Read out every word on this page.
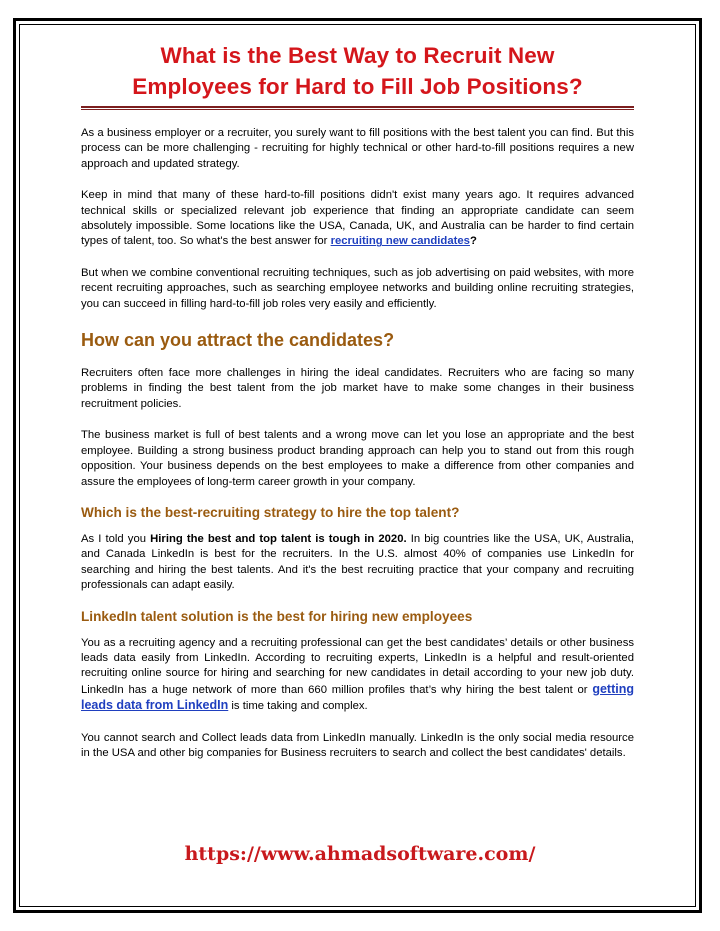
What is the Best Way to Recruit New
Employees for Hard to Fill Job Positions?

As a business employer or a recruiter, you surely want to fill positions with the best talent you can find. But this process can be more challenging - recruiting for highly technical or other hard-to-fill positions requires a new approach and updated strategy.

Keep in mind that many of these hard-to-fill positions didn't exist many years ago. It requires advanced technical skills or specialized relevant job experience that finding an appropriate candidate can seem absolutely impossible. Some locations like the USA, Canada, UK, and Australia can be harder to find certain types of talent, too. So what's the best answer for recruiting new candidates?

But when we combine conventional recruiting techniques, such as job advertising on paid websites, with more recent recruiting approaches, such as searching employee networks and building online recruiting strategies, you can succeed in filling hard-to-fill job roles very easily and efficiently.

How can you attract the candidates?

Recruiters often face more challenges in hiring the ideal candidates. Recruiters who are facing so many problems in finding the best talent from the job market have to make some changes in their business recruitment policies.

The business market is full of best talents and a wrong move can let you lose an appropriate and the best employee. Building a strong business product branding approach can help you to stand out from this rough opposition. Your business depends on the best employees to make a difference from other companies and assure the employees of long-term career growth in your company.

Which is the best-recruiting strategy to hire the top talent?

As I told you Hiring the best and top talent is tough in 2020. In big countries like the USA, UK, Australia, and Canada LinkedIn is best for the recruiters. In the U.S. almost 40% of companies use LinkedIn for searching and hiring the best talents. And it's the best recruiting practice that your company and recruiting professionals can adapt easily.

LinkedIn talent solution is the best for hiring new employees

You as a recruiting agency and a recruiting professional can get the best candidates’ details or other business leads data easily from LinkedIn. According to recruiting experts, LinkedIn is a helpful and result-oriented recruiting online source for hiring and searching for new candidates in detail according to your new job duty. LinkedIn has a huge network of more than 660 million profiles that’s why hiring the best talent or getting leads data from LinkedIn is time taking and complex.

You cannot search and Collect leads data from LinkedIn manually. LinkedIn is the only social media resource in the USA and other big companies for Business recruiters to search and collect the best candidates' details.

https://www.ahmadsoftware.com/
